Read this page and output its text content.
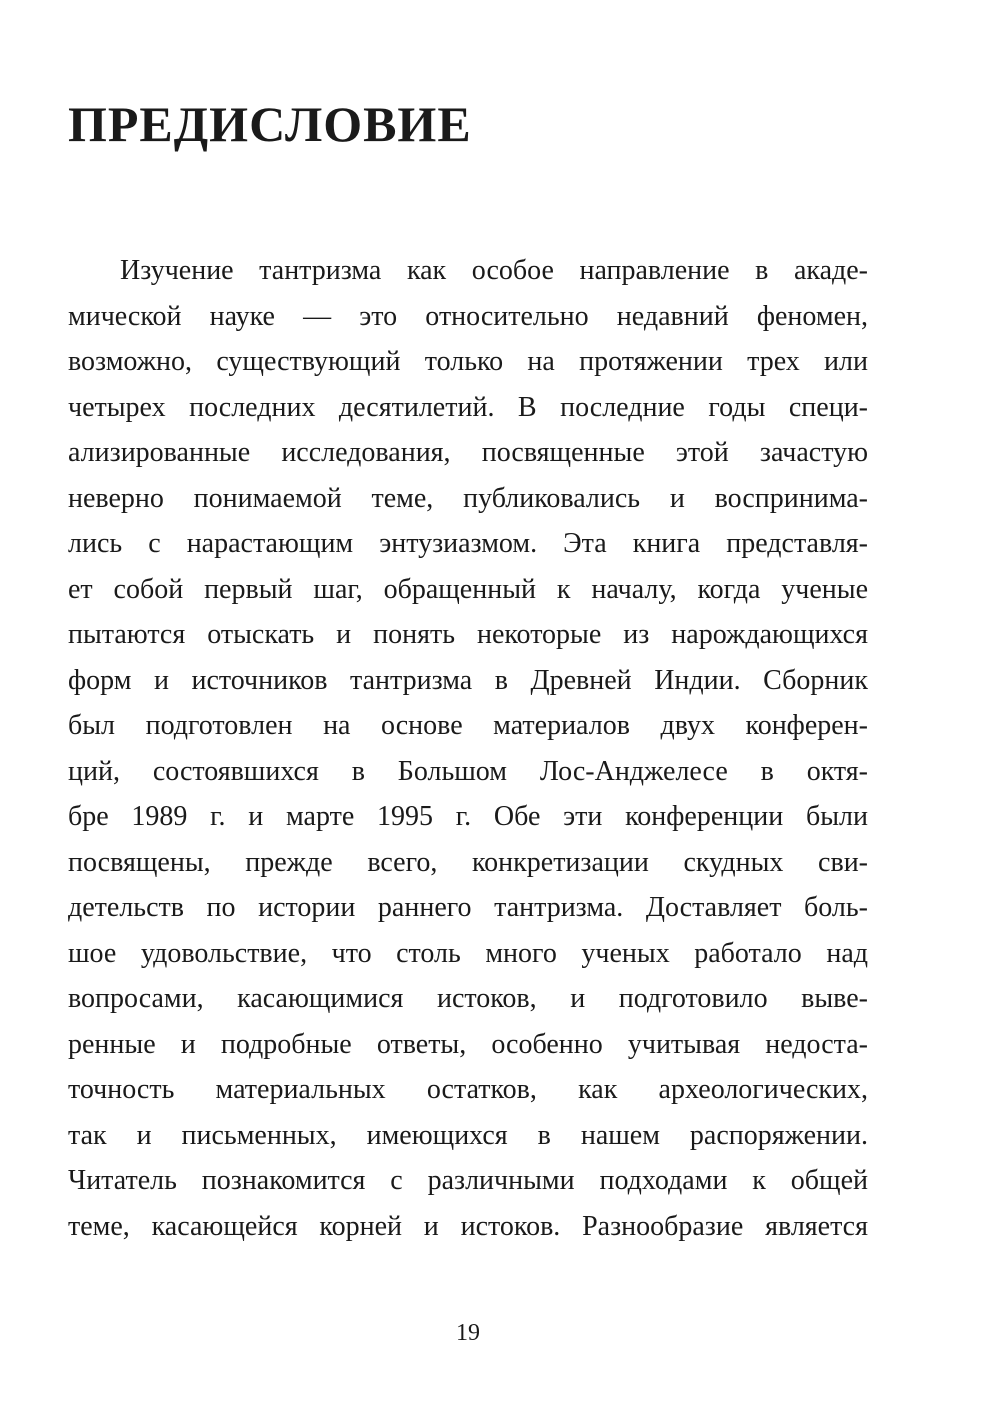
ПРЕДИСЛОВИЕ
Изучение тантризма как особое направление в акаде-
мической науке — это относительно недавний феномен,
возможно, существующий только на протяжении трех или
четырех последних десятилетий. В последние годы специ-
ализированные исследования, посвященные этой зачастую
неверно понимаемой теме, публиковались и воспринима-
лись с нарастающим энтузиазмом. Эта книга представля-
ет собой первый шаг, обращенный к началу, когда ученые
пытаются отыскать и понять некоторые из нарождающихся
форм и источников тантризма в Древней Индии. Сборник
был подготовлен на основе материалов двух конферен-
ций, состоявшихся в Большом Лос-Анджелесе в октя-
бре 1989 г. и марте 1995 г. Обе эти конференции были
посвящены, прежде всего, конкретизации скудных сви-
детельств по истории раннего тантризма. Доставляет боль-
шое удовольствие, что столь много ученых работало над
вопросами, касающимися истоков, и подготовило выве-
ренные и подробные ответы, особенно учитывая недоста-
точность материальных остатков, как археологических,
так и письменных, имеющихся в нашем распоряжении.
Читатель познакомится с различными подходами к общей
теме, касающейся корней и истоков. Разнообразие является
19
